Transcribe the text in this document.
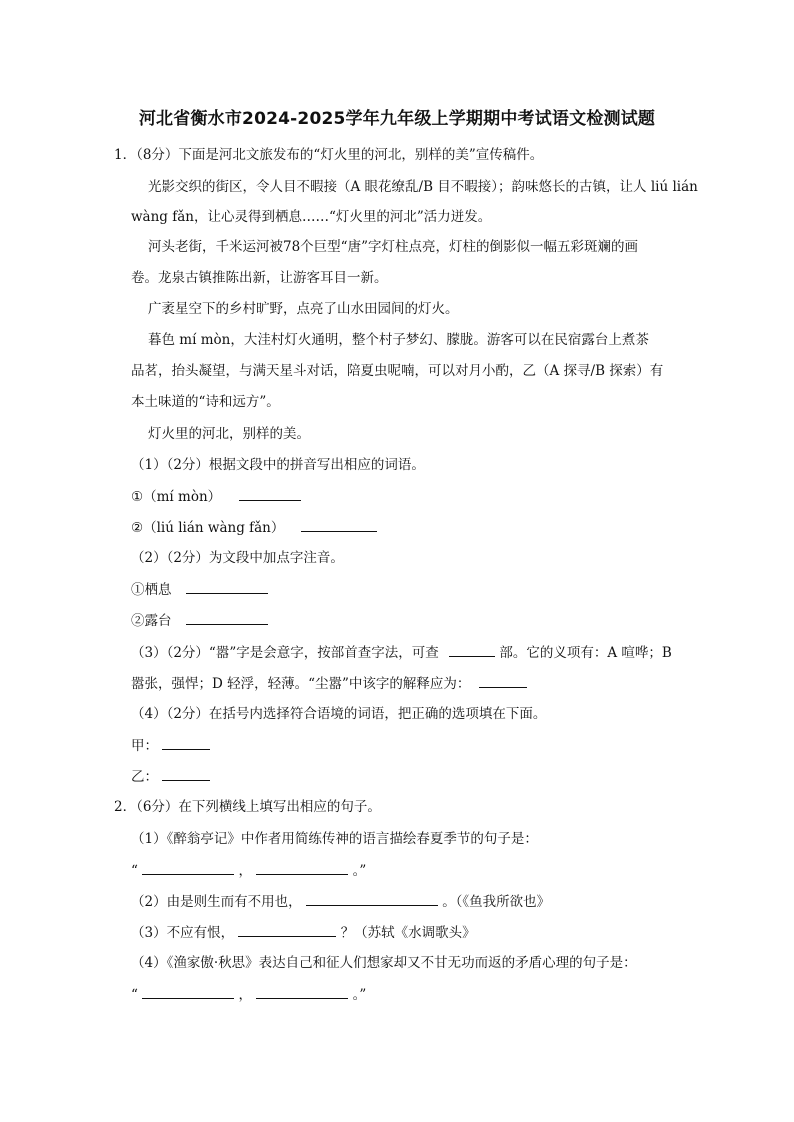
河北省衡水市2024-2025学年九年级上学期期中考试语文检测试题
1．（8分）下面是河北文旅发布的“灯火里的河北，别样的美”宣传稿件。
光影交织的街区，令人目不暇接（A 眼花缭乱/B 目不暇接）；韵味悠长的古镇，让人 liú lián
wàng fǎn，让心灵得到栖息……“灯火里的河北”活力迸发。
河头老街，千米运河被78个巨型“唐”字灯柱点亮，灯柱的倒影似一幅五彩斑斓的画
卷。龙泉古镇推陈出新，让游客耳目一新。
广袤星空下的乡村旷野，点亮了山水田园间的灯火。
暮色 mí mòn，大洼村灯火通明，整个村子梦幻、朦胧。游客可以在民宿露台上煮茶
品茗，抬头凝望，与满天星斗对话，陪夏虫呢喃，可以对月小酌，乙（A 探寻/B 探索）有
本土味道的“诗和远方”。
灯火里的河北，别样的美。
（1）（2分）根据文段中的拼音写出相应的词语。
①（mí mòn）
②（liú lián wàng fǎn）
（2）（2分）为文段中加点字注音。
①栖息
②露台
（3）（2分）“嚣”字是会意字，按部首查字法，可查	部。它的义项有：A 喧哗；B
嚣张，强悍；D 轻浮，轻薄。“尘嚣”中该字的解释应为：
（4）（2分）在括号内选择符合语境的词语，把正确的选项填在下面。
甲：
乙：
2．（6分）在下列横线上填写出相应的句子。
（1）《醉翁亭记》中作者用简练传神的语言描绘春夏季节的句子是：
“	，	。”
（2）由是则生而有不用也，	。（《鱼我所欲也》
（3）不应有恨，	？（苏轼《水调歌头》
（4）《渔家傲·秋思》表达自己和征人们想家却又不甘无功而返的矛盾心理的句子是：
“	，	。”
